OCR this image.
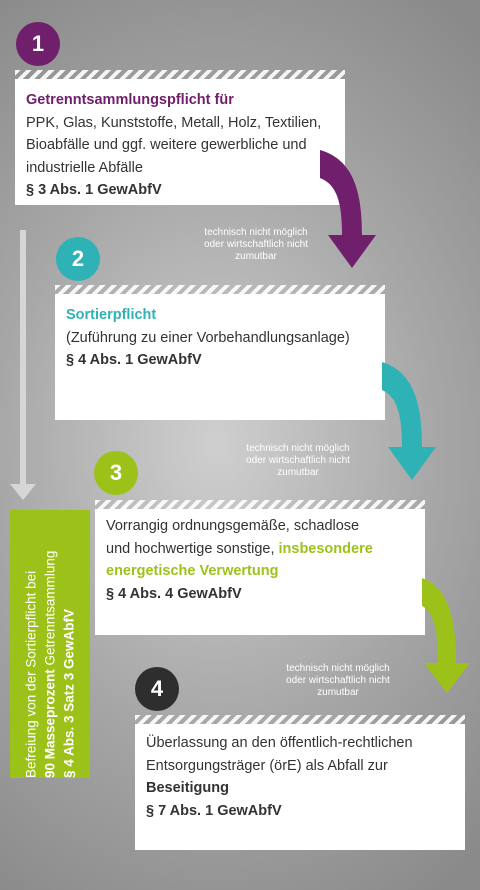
1
Getrenntsammlungspflicht für
PPK, Glas, Kunststoffe, Metall, Holz, Textilien,
Bioabfälle und ggf. weitere gewerbliche und
industrielle Abfälle
§ 3 Abs. 1 GewAbfV
technisch nicht möglich
oder wirtschaftlich nicht
zumutbar
2
Sortierpflicht
(Zuführung zu einer Vorbehandlungsanlage)
§ 4 Abs. 1 GewAbfV
technisch nicht möglich
oder wirtschaftlich nicht
zumutbar
3
Vorrangig ordnungsgemäße, schadlose
und hochwertige sonstige, insbesondere
energetische Verwertung
§ 4 Abs. 4 GewAbfV
technisch nicht möglich
oder wirtschaftlich nicht
zumutbar
4
Überlassung an den öffentlich-rechtlichen
Entsorgungsträger (örE) als Abfall zur
Beseitigung
§ 7 Abs. 1 GewAbfV
Befreiung von der Sortierpflicht bei 90 Masseprozent Getrenntsammlung § 4 Abs. 3 Satz 3 GewAbfV
